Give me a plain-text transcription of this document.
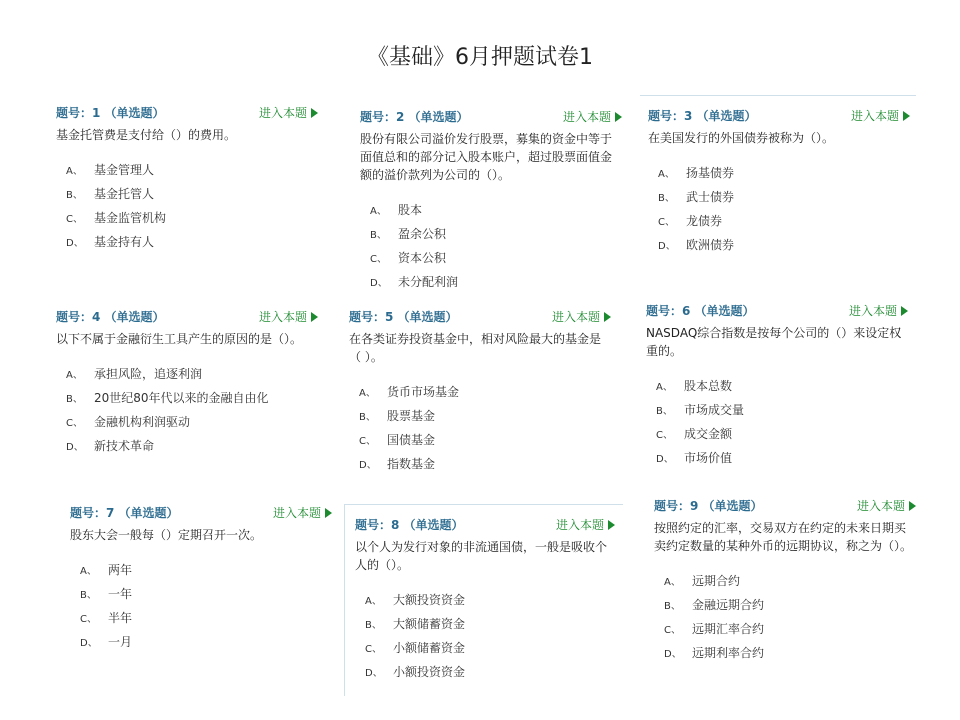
《基础》6月押题试卷1
题号：1 （单选题）	进入本题
基金托管费是支付给（）的费用。
A、 基金管理人
B、 基金托管人
C、 基金监管机构
D、 基金持有人
题号：2 （单选题）	进入本题
股份有限公司溢价发行股票，募集的资金中等于面值总和的部分记入股本账户，超过股票面值金额的溢价款列为公司的（）。
A、 股本
B、 盈余公积
C、 资本公积
D、 未分配利润
题号：3 （单选题）	进入本题
在美国发行的外国债券被称为（）。
A、 扬基债券
B、 武士债券
C、 龙债券
D、 欧洲债券
题号：4 （单选题）	进入本题
以下不属于金融衍生工具产生的原因的是（）。
A、 承担风险，追逐利润
B、 20世纪80年代以来的金融自由化
C、 金融机构利润驱动
D、 新技术革命
题号：5 （单选题）	进入本题
在各类证券投资基金中，相对风险最大的基金是（ ）。
A、 货币市场基金
B、 股票基金
C、 国债基金
D、 指数基金
题号：6 （单选题）	进入本题
NASDAQ综合指数是按每个公司的（）来设定权重的。
A、 股本总数
B、 市场成交量
C、 成交金额
D、 市场价值
题号：7 （单选题）	进入本题
股东大会一般每（）定期召开一次。
A、 两年
B、 一年
C、 半年
D、 一月
题号：8 （单选题）	进入本题
以个人为发行对象的非流通国债，一般是吸收个人的（）。
A、 大额投资资金
B、 大额储蓄资金
C、 小额储蓄资金
D、 小额投资资金
题号：9 （单选题）	进入本题
按照约定的汇率，交易双方在约定的未来日期买卖约定数量的某种外币的远期协议，称之为（）。
A、 远期合约
B、 金融远期合约
C、 远期汇率合约
D、 远期利率合约
